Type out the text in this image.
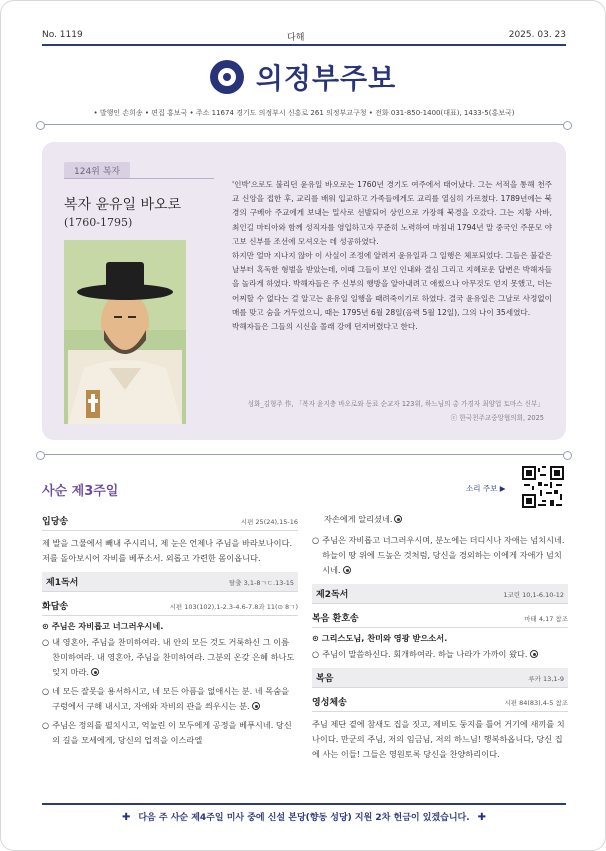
No. 1119	다해	2025. 03. 23
의정부주보
• 발행인 손희송 • 편집 홍보국 • 주소 11674 경기도 의정부시 신흥로 261 의정부교구청 • 전화 031-850-1400(대표), 1433-5(홍보국)
124위 복자
복자 윤유일 바오로
(1760-1795)

'인박'으로도 불리던 윤유일 바오로는 1760년 경기도 여주에서 태어났다. 그는 서적을 통해 천주교 신앙을 접한 후, 교리를 배워 입교하고 가족들에게도 교리를 열심히 가르쳤다. 1789년에는 북경의 구베아 주교에게 보내는 밀사로 선발되어 상인으로 가장해 북경을 오갔다. 그는 지황 사바, 최인길 마티아와 함께 성직자를 영입하고자 꾸준히 노력하여 마침내 1794년 말 중국인 주문모 야고보 신부를 조선에 모셔오는 데 성공하였다.

하지만 얼마 지나지 않아 이 사실이 조정에 알려져 윤유일과 그 일행은 체포되었다. 그들은 불같은 날부터 혹독한 형벌을 받았는데, 이때 그들이 보인 인내와 결심 그리고 지혜로운 답변은 박해자들을 놀라게 하였다. 박해자들은 주 신부의 행방을 알아내려고 애썼으나 아무것도 얻지 못했고, 더는 어찌할 수 없다는 걸 알고는 윤유일 일행을 때려죽이기로 하였다. 결국 윤유일은 그날로 사정없이 매를 맞고 숨을 거두었으니, 때는 1795년 6월 28일(음력 5월 12일), 그의 나이 35세였다.

박해자들은 그들의 시신을 몰래 강에 던져버렸다고 한다.

성화_김형주 作, 「복자 윤지충 바오로와 동료 순교자 123위, 하느님의 총 가경자 최양업 토마스 신부」
ⓒ 한국천주교중앙협의회, 2025
사순 제3주일	소리 주보 ▶
입당송	시편 25(24),15-16
제 발을 그물에서 빼내 주시리니, 제 눈은 언제나 주님을 바라보나이다. 저를 돌아보시어 자비를 베푸소서. 외롭고 가련한 몸이옵니다.
제1독서	탈출 3,1-8ㄱㄷ.13-15
화답송	시편 103(102),1-2.3-4.6-7.8과 11(⊙ 8ㄱ)
⊙ 주님은 자비롭고 너그러우시네.
○ 내 영혼아, 주님을 찬미하여라. 내 안의 모든 것도 거룩하신 그 이름 찬미하여라. 내 영혼아, 주님을 찬미하여라. 그분의 온갖 은혜 하나도 잊지 마라.
○ 네 모든 잘못을 용서하시고, 네 모든 아픔을 없애시는 분. 네 목숨을 구렁에서 구해 내시고, 자애와 자비의 관을 씌우시는 분.
○ 주님은 정의를 펼치시고, 억눌린 이 모두에게 공정을 베푸시네. 당신의 길을 모세에게, 당신의 업적을 이스라엘
자손에게 알리셨네.
○ 주님은 자비롭고 너그러우시며, 분노에는 더디시나 자애는 넘치시네. 하늘이 땅 위에 드높은 것처럼, 당신을 경외하는 이에게 자애가 넘치시네.
제2독서	1코린 10,1-6.10-12
복음 환호송	마태 4,17 참조
⊙ 그리스도님, 찬미와 영광 받으소서.
○ 주님이 말씀하신다. 회개하여라. 하늘 나라가 가까이 왔다.
복음	루카 13,1-9
영성체송	시편 84(83),4-5 참조
주님 제단 곁에 참새도 집을 짓고, 제비도 둥지를 틀어 거기에 새끼를 치나이다. 만군의 주님, 저의 임금님, 저의 하느님! 행복하옵니다, 당신 집에 사는 이들! 그들은 영원토록 당신을 찬양하리이다.
✚ 다음 주 사순 제4주일 미사 중에 신설 본당(향동 성당) 지원 2차 헌금이 있겠습니다. ✚
